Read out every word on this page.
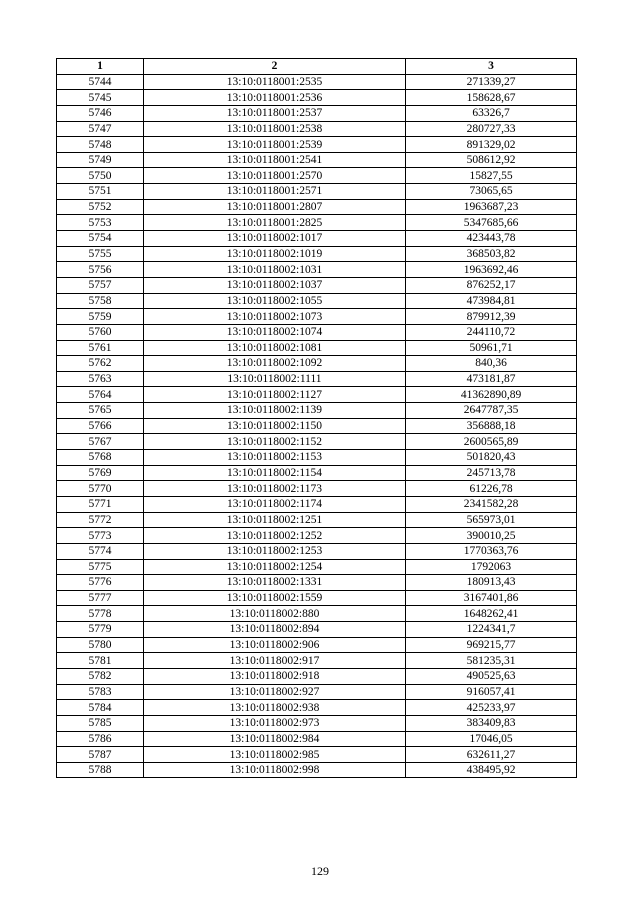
1	2	3
5744	13:10:0118001:2535	271339,27
5745	13:10:0118001:2536	158628,67
5746	13:10:0118001:2537	63326,7
5747	13:10:0118001:2538	280727,33
5748	13:10:0118001:2539	891329,02
5749	13:10:0118001:2541	508612,92
5750	13:10:0118001:2570	15827,55
5751	13:10:0118001:2571	73065,65
5752	13:10:0118001:2807	1963687,23
5753	13:10:0118001:2825	5347685,66
5754	13:10:0118002:1017	423443,78
5755	13:10:0118002:1019	368503,82
5756	13:10:0118002:1031	1963692,46
5757	13:10:0118002:1037	876252,17
5758	13:10:0118002:1055	473984,81
5759	13:10:0118002:1073	879912,39
5760	13:10:0118002:1074	244110,72
5761	13:10:0118002:1081	50961,71
5762	13:10:0118002:1092	840,36
5763	13:10:0118002:1111	473181,87
5764	13:10:0118002:1127	41362890,89
5765	13:10:0118002:1139	2647787,35
5766	13:10:0118002:1150	356888,18
5767	13:10:0118002:1152	2600565,89
5768	13:10:0118002:1153	501820,43
5769	13:10:0118002:1154	245713,78
5770	13:10:0118002:1173	61226,78
5771	13:10:0118002:1174	2341582,28
5772	13:10:0118002:1251	565973,01
5773	13:10:0118002:1252	390010,25
5774	13:10:0118002:1253	1770363,76
5775	13:10:0118002:1254	1792063
5776	13:10:0118002:1331	180913,43
5777	13:10:0118002:1559	3167401,86
5778	13:10:0118002:880	1648262,41
5779	13:10:0118002:894	1224341,7
5780	13:10:0118002:906	969215,77
5781	13:10:0118002:917	581235,31
5782	13:10:0118002:918	490525,63
5783	13:10:0118002:927	916057,41
5784	13:10:0118002:938	425233,97
5785	13:10:0118002:973	383409,83
5786	13:10:0118002:984	17046,05
5787	13:10:0118002:985	632611,27
5788	13:10:0118002:998	438495,92
129
